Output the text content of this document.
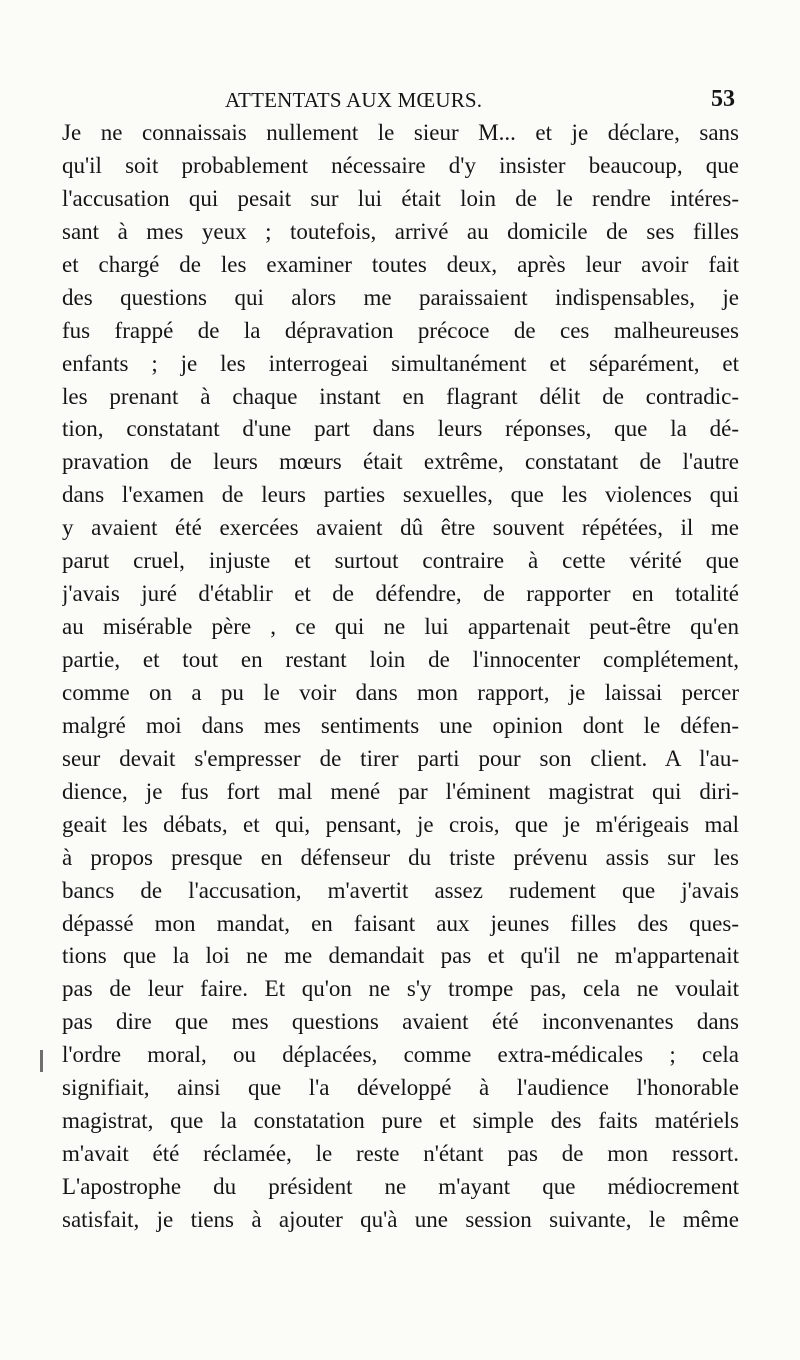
ATTENTATS AUX MŒURS.	53
Je ne connaissais nullement le sieur M... et je déclare, sans
qu'il soit probablement nécessaire d'y insister beaucoup, que
l'accusation qui pesait sur lui était loin de le rendre intéres-
sant à mes yeux ; toutefois, arrivé au domicile de ses filles
et chargé de les examiner toutes deux, après leur avoir fait
des questions qui alors me paraissaient indispensables, je
fus frappé de la dépravation précoce de ces malheureuses
enfants ; je les interrogeai simultanément et séparément, et
les prenant à chaque instant en flagrant délit de contradic-
tion, constatant d'une part dans leurs réponses, que la dé-
pravation de leurs mœurs était extrême, constatant de l'autre
dans l'examen de leurs parties sexuelles, que les violences qui
y avaient été exercées avaient dû être souvent répétées, il me
parut cruel, injuste et surtout contraire à cette vérité que
j'avais juré d'établir et de défendre, de rapporter en totalité
au misérable père , ce qui ne lui appartenait peut-être qu'en
partie, et tout en restant loin de l'innocenter complétement,
comme on a pu le voir dans mon rapport, je laissai percer
malgré moi dans mes sentiments une opinion dont le défen-
seur devait s'empresser de tirer parti pour son client. A l'au-
dience, je fus fort mal mené par l'éminent magistrat qui diri-
geait les débats, et qui, pensant, je crois, que je m'érigeais mal
à propos presque en défenseur du triste prévenu assis sur les
bancs de l'accusation, m'avertit assez rudement que j'avais
dépassé mon mandat, en faisant aux jeunes filles des ques-
tions que la loi ne me demandait pas et qu'il ne m'appartenait
pas de leur faire. Et qu'on ne s'y trompe pas, cela ne voulait
pas dire que mes questions avaient été inconvenantes dans
l'ordre moral, ou déplacées, comme extra-médicales ; cela
signifiait, ainsi que l'a développé à l'audience l'honorable
magistrat, que la constatation pure et simple des faits matériels
m'avait été réclamée, le reste n'étant pas de mon ressort.
L'apostrophe du président ne m'ayant que médiocrement
satisfait, je tiens à ajouter qu'à une session suivante, le même
